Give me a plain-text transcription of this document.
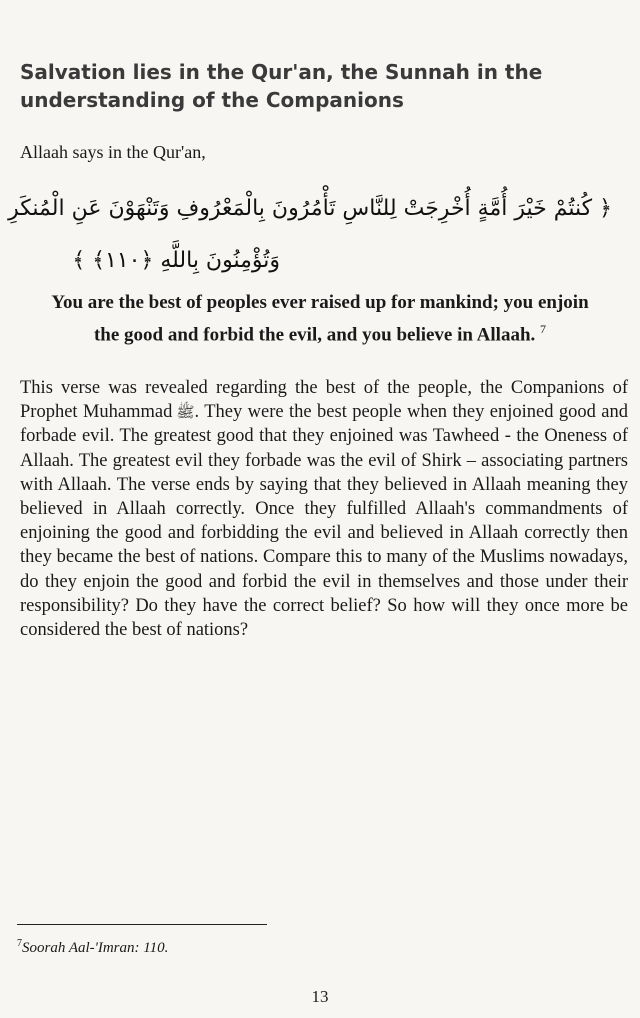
Salvation lies in the Qur'an, the Sunnah in the
understanding of the Companions
Allaah says in the Qur'an,
﴿ كُنتُمْ خَيْرَ أُمَّةٍ أُخْرِجَتْ لِلنَّاسِ تَأْمُرُونَ بِالْمَعْرُوفِ وَتَنْهَوْنَ عَنِ الْمُنكَرِ
وَتُؤْمِنُونَ بِاللَّهِ ﴿١١٠﴾ ﴾
You are the best of peoples ever raised up for mankind; you enjoin
the good and forbid the evil, and you believe in Allaah. $^7$
This verse was revealed regarding the best of the people, the Companions of Prophet Muhammad ﷺ. They were the best people when they enjoined good and forbade evil. The greatest good that they enjoined was Tawheed - the Oneness of Allaah. The greatest evil they forbade was the evil of Shirk – associating partners with Allaah. The verse ends by saying that they believed in Allaah meaning they believed in Allaah correctly. Once they fulfilled Allaah's commandments of enjoining the good and forbidding the evil and believed in Allaah correctly then they became the best of nations. Compare this to many of the Muslims nowadays, do they enjoin the good and forbid the evil in themselves and those under their responsibility? Do they have the correct belief? So how will they once more be considered the best of nations?
$^7$Soorah Aal-'Imran: 110.
13
